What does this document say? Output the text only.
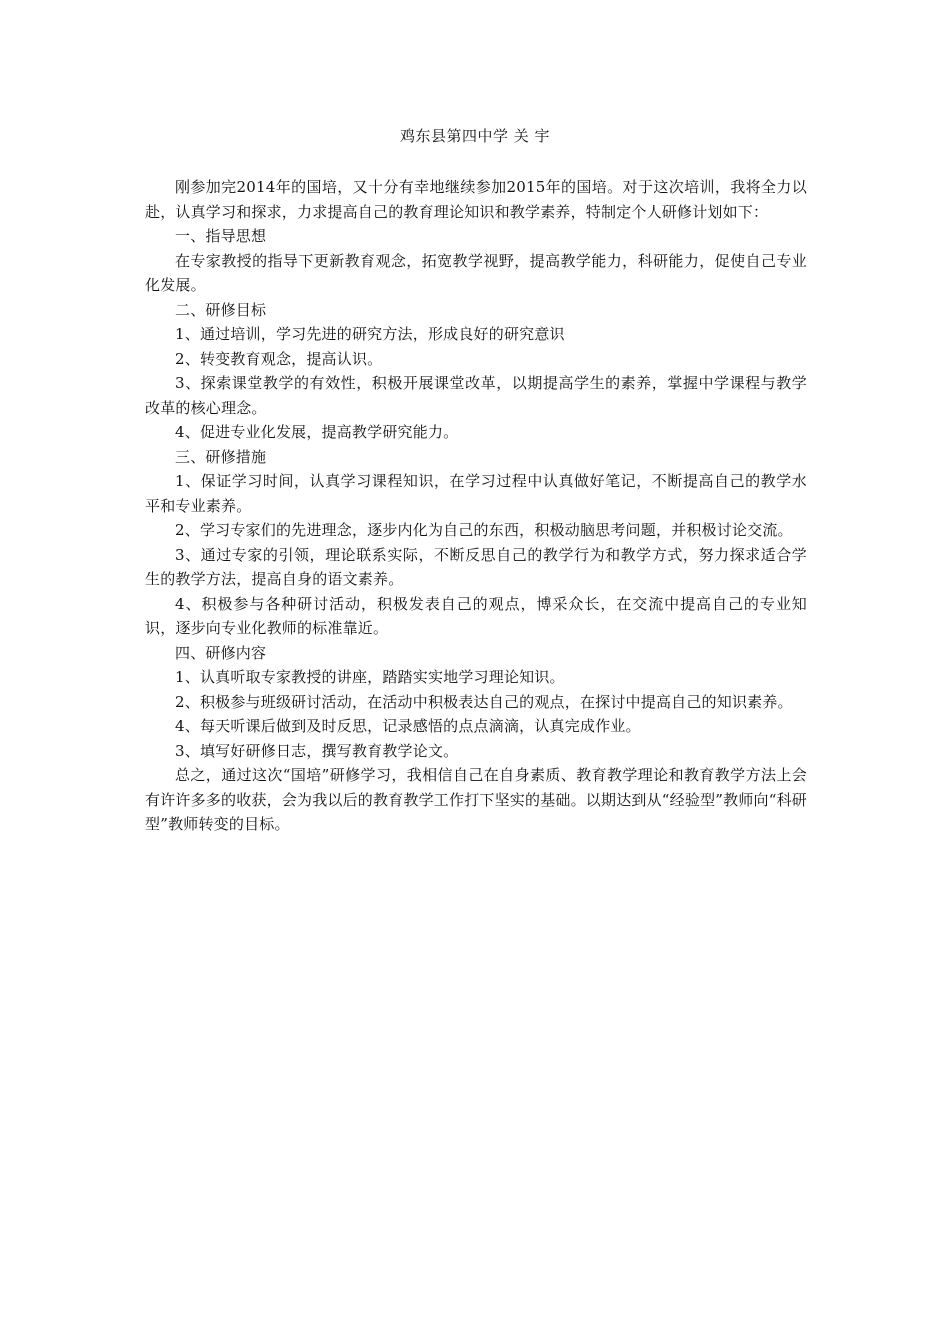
鸡东县第四中学 关 宇

刚参加完2014年的国培，又十分有幸地继续参加2015年的国培。对于这次培训，我将全力以赴，认真学习和探求，力求提高自己的教育理论知识和教学素养，特制定个人研修计划如下：

一、指导思想

在专家教授的指导下更新教育观念，拓宽教学视野，提高教学能力，科研能力，促使自己专业化发展。

二、研修目标

1、通过培训，学习先进的研究方法，形成良好的研究意识

2、转变教育观念，提高认识。

3、探索课堂教学的有效性，积极开展课堂改革，以期提高学生的素养，掌握中学课程与教学改革的核心理念。

4、促进专业化发展，提高教学研究能力。

三、研修措施

1、保证学习时间，认真学习课程知识，在学习过程中认真做好笔记，不断提高自己的教学水平和专业素养。

2、学习专家们的先进理念，逐步内化为自己的东西，积极动脑思考问题，并积极讨论交流。

3、通过专家的引领，理论联系实际，不断反思自己的教学行为和教学方式，努力探求适合学生的教学方法，提高自身的语文素养。

4、积极参与各种研讨活动，积极发表自己的观点，博采众长，在交流中提高自己的专业知识，逐步向专业化教师的标准靠近。

四、研修内容

1、认真听取专家教授的讲座，踏踏实实地学习理论知识。

2、积极参与班级研讨活动，在活动中积极表达自己的观点，在探讨中提高自己的知识素养。

4、每天听课后做到及时反思，记录感悟的点点滴滴，认真完成作业。

3、填写好研修日志，撰写教育教学论文。

总之，通过这次“国培”研修学习，我相信自己在自身素质、教育教学理论和教育教学方法上会有许许多多的收获，会为我以后的教育教学工作打下坚实的基础。以期达到从“经验型”教师向“科研型”教师转变的目标。
